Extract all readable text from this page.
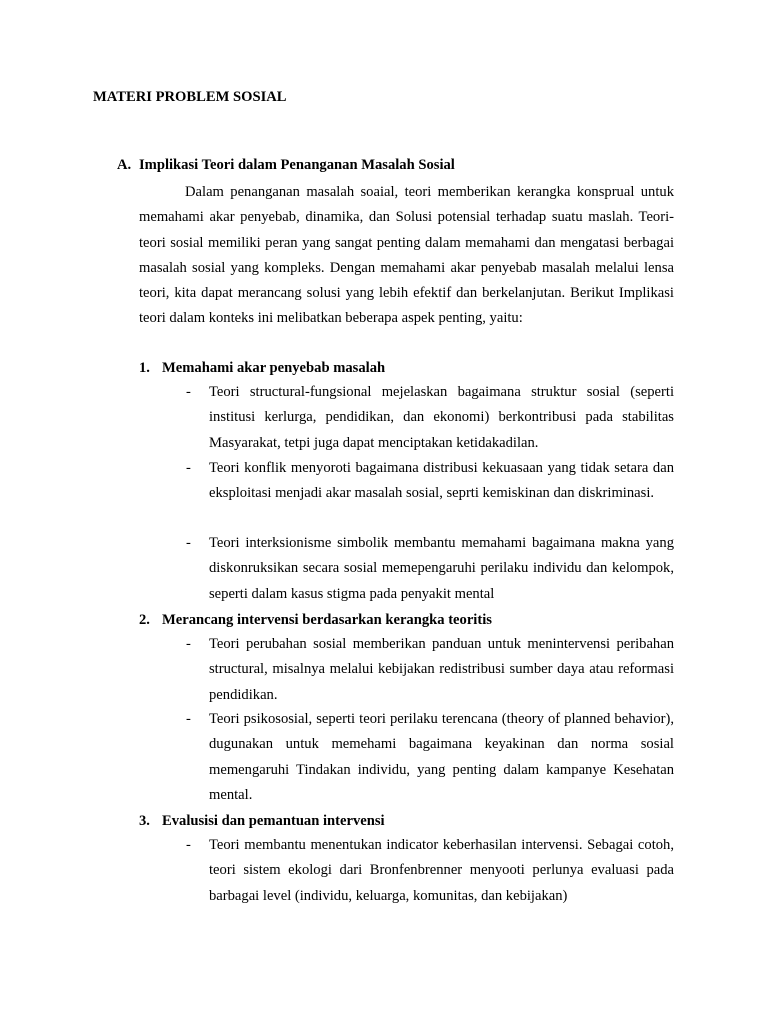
MATERI PROBLEM SOSIAL
A. Implikasi Teori dalam Penanganan Masalah Sosial

Dalam penanganan masalah soaial, teori memberikan kerangka konsprual untuk memahami akar penyebab, dinamika, dan Solusi potensial terhadap suatu maslah. Teori-teori sosial memiliki peran yang sangat penting dalam memahami dan mengatasi berbagai masalah sosial yang kompleks. Dengan memahami akar penyebab masalah melalui lensa teori, kita dapat merancang solusi yang lebih efektif dan berkelanjutan. Berikut Implikasi teori dalam konteks ini melibatkan beberapa aspek penting, yaitu:

1. Memahami akar penyebab masalah
- Teori structural-fungsional mejelaskan bagaimana struktur sosial (seperti institusi kerlurga, pendidikan, dan ekonomi) berkontribusi pada stabilitas Masyarakat, tetpi juga dapat menciptakan ketidakadilan.

- Teori konflik menyoroti bagaimana distribusi kekuasaan yang tidak setara dan eksploitasi menjadi akar masalah sosial, seprti kemiskinan dan diskriminasi.

- Teori interksionisme simbolik membantu memahami bagaimana makna yang diskonruksikan secara sosial memepengaruhi perilaku individu dan kelompok, seperti dalam kasus stigma pada penyakit mental

2. Merancang intervensi berdasarkan kerangka teoritis
- Teori perubahan sosial memberikan panduan untuk menintervensi peribahan structural, misalnya melalui kebijakan redistribusi sumber daya atau reformasi pendidikan.

- Teori psikososial, seperti teori perilaku terencana (theory of planned behavior), dugunakan untuk memehami bagaimana keyakinan dan norma sosial memengaruhi Tindakan individu, yang penting dalam kampanye Kesehatan mental.

3. Evalusisi dan pemantuan intervensi
- Teori membantu menentukan indicator keberhasilan intervensi. Sebagai cotoh, teori sistem ekologi dari Bronfenbrenner menyooti perlunya evaluasi pada barbagai level (individu, keluarga, komunitas, dan kebijakan)
